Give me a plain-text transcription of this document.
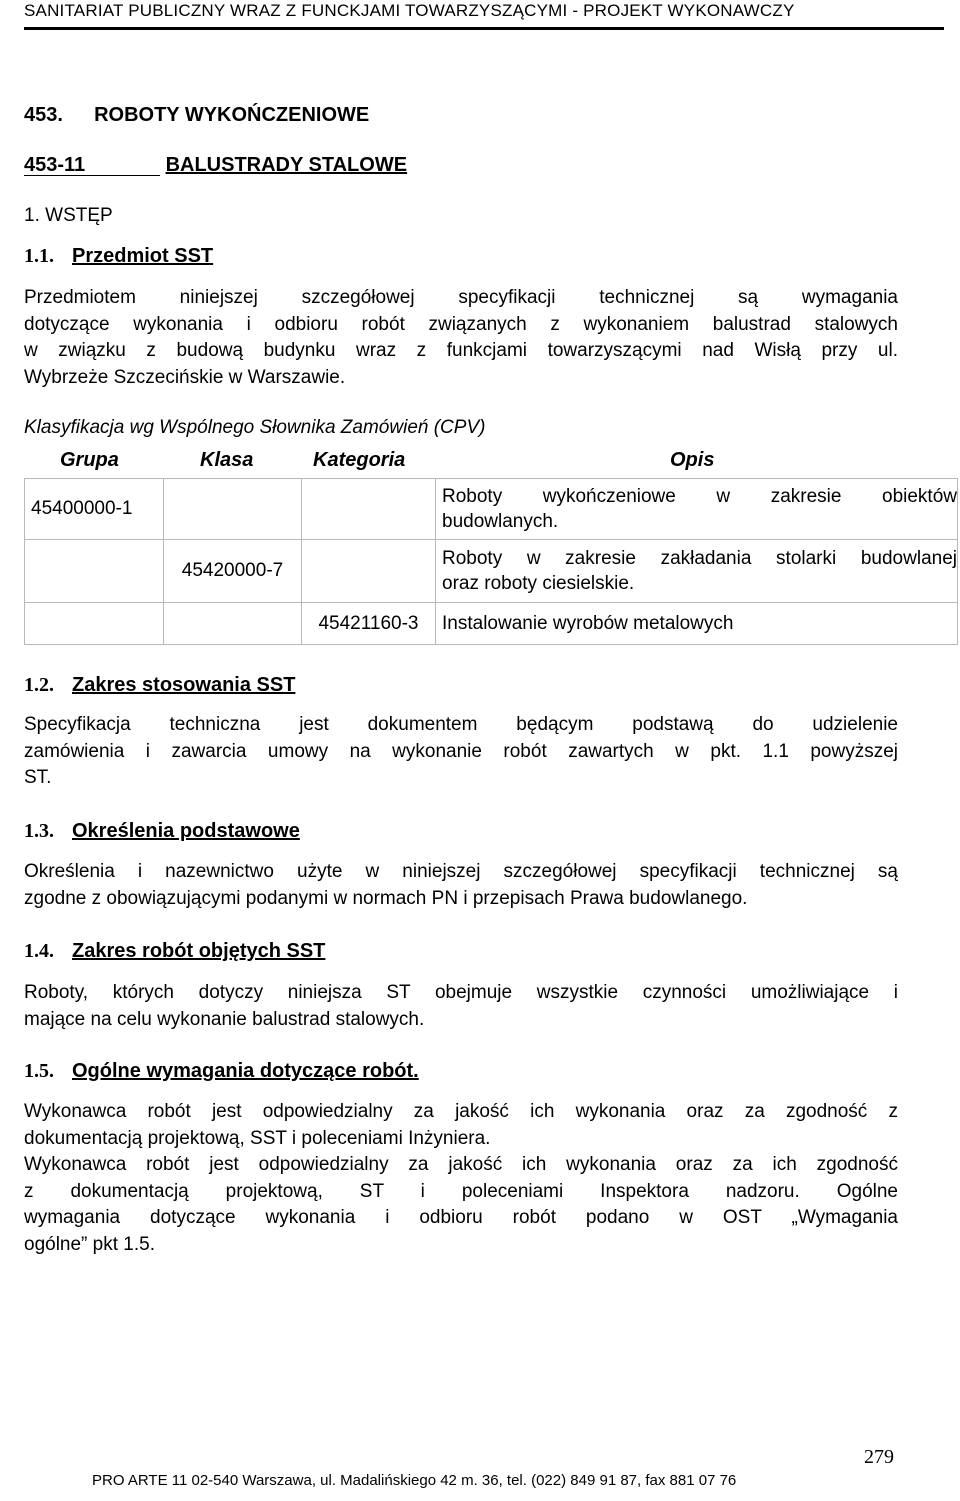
SANITARIAT PUBLICZNY WRAZ Z FUNCKJAMI TOWARZYSZĄCYMI - PROJEKT WYKONAWCZY
453. ROBOTY WYKOŃCZENIOWE
453-11	BALUSTRADY STALOWE
1. WSTĘP
1.1. Przedmiot SST
Przedmiotem niniejszej szczegółowej specyfikacji technicznej są wymagania
dotyczące wykonania i odbioru robót związanych z wykonaniem balustrad stalowych
w związku z budową budynku wraz z funkcjami towarzyszącymi nad Wisłą przy ul.
Wybrzeże Szczecińskie w Warszawie.
Klasyfikacja wg Wspólnego Słownika Zamówień (CPV)
Grupa	Klasa	Kategoria	Opis
45400000-1			Roboty wykończeniowe w zakresie obiektów
budowlanych.

	45420000-7		Roboty w zakresie zakładania stolarki budowlanej
oraz roboty ciesielskie.

		45421160-3	Instalowanie wyrobów metalowych
1.2. Zakres stosowania SST
Specyfikacja techniczna jest dokumentem będącym podstawą do udzielenie
zamówienia i zawarcia umowy na wykonanie robót zawartych w pkt. 1.1 powyższej
ST.
1.3. Określenia podstawowe
Określenia i nazewnictwo użyte w niniejszej szczegółowej specyfikacji technicznej są
zgodne z obowiązującymi podanymi w normach PN i przepisach Prawa budowlanego.
1.4. Zakres robót objętych SST
Roboty, których dotyczy niniejsza ST obejmuje wszystkie czynności umożliwiające i
mające na celu wykonanie balustrad stalowych.
1.5. Ogólne wymagania dotyczące robót.
Wykonawca robót jest odpowiedzialny za jakość ich wykonania oraz za zgodność z
dokumentacją projektową, SST i poleceniami Inżyniera.
Wykonawca robót jest odpowiedzialny za jakość ich wykonania oraz za ich zgodność
z dokumentacją projektową, ST i poleceniami Inspektora nadzoru. Ogólne
wymagania dotyczące wykonania i odbioru robót podano w OST „Wymagania
ogólne” pkt 1.5.
279
PRO ARTE 11 02-540 Warszawa, ul. Madalińskiego 42 m. 36, tel. (022) 849 91 87, fax 881 07 76
